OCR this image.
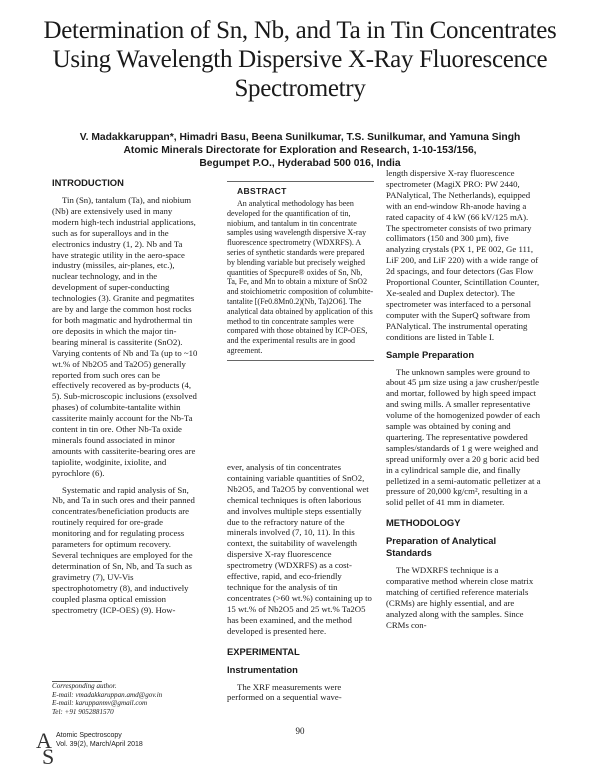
Determination of Sn, Nb, and Ta in Tin Concentrates
Using Wavelength Dispersive X-Ray Fluorescence
Spectrometry
V. Madakkaruppan*, Himadri Basu, Beena Sunilkumar, T.S. Sunilkumar, and Yamuna Singh
Atomic Minerals Directorate for Exploration and Research, 1-10-153/156,
Begumpet P.O., Hyderabad 500 016, India
INTRODUCTION

Tin (Sn), tantalum (Ta), and niobium (Nb) are extensively used in many modern high-tech industrial applications, such as for superalloys and in the electronics industry (1, 2). Nb and Ta have strategic utility in the aero-space industry (missiles, air-planes, etc.), nuclear technology, and in the development of super-conducting technologies (3). Granite and pegmatites are by and large the common host rocks for both magmatic and hydrothermal tin ore deposits in which the major tin-bearing mineral is cassiterite (SnO2). Varying contents of Nb and Ta (up to ~10 wt.% of Nb2O5 and Ta2O5) generally reported from such ores can be effectively recovered as by-products (4, 5). Sub-microscopic inclusions (exsolved phases) of columbite-tantalite within cassiterite mainly account for the Nb-Ta content in tin ore. Other Nb-Ta oxide minerals found associated in minor amounts with cassiterite-bearing ores are tapiolite, wodginite, ixiolite, and pyrochlore (6).

Systematic and rapid analysis of Sn, Nb, and Ta in such ores and their panned concentrates/beneficiation products are routinely required for ore-grade monitoring and for regulating process parameters for optimum recovery. Several techniques are employed for the determination of Sn, Nb, and Ta such as gravimetry (7), UV-Vis spectrophotometry (8), and inductively coupled plasma optical emission spectrometry (ICP-OES) (9). How-

ABSTRACT

An analytical methodology has been developed for the quantification of tin, niobium, and tantalum in tin concentrate samples using wavelength dispersive X-ray fluorescence spectrometry (WDXRFS). A series of synthetic standards were prepared by blending variable but precisely weighed quantities of Specpure® oxides of Sn, Nb, Ta, Fe, and Mn to obtain a mixture of SnO2 and stoichiometric composition of columbite-tantalite [(Fe0.8Mn0.2)(Nb, Ta)2O6]. The analytical data obtained by application of this method to tin concentrate samples were compared with those obtained by ICP-OES, and the experimental results are in good agreement.

ever, analysis of tin concentrates containing variable quantities of SnO2, Nb2O5, and Ta2O5 by conventional wet chemical techniques is often laborious and involves multiple steps essentially due to the refractory nature of the minerals involved (7, 10, 11). In this context, the suitability of wavelength dispersive X-ray fluorescence spectrometry (WDXRFS) as a cost-effective, rapid, and eco-friendly technique for the analysis of tin concentrates (>60 wt.%) containing up to 15 wt.% of Nb2O5 and 25 wt.% Ta2O5 has been examined, and the method developed is presented here.

EXPERIMENTAL
Instrumentation

The XRF measurements were performed on a sequential wave-

length dispersive X-ray fluorescence spectrometer (MagiX PRO: PW 2440, PANalytical, The Netherlands), equipped with an end-window Rh-anode having a rated capacity of 4 kW (66 kV/125 mA). The spectrometer consists of two primary collimators (150 and 300 µm), five analyzing crystals (PX 1, PE 002, Ge 111, LiF 200, and LiF 220) with a wide range of 2d spacings, and four detectors (Gas Flow Proportional Counter, Scintillation Counter, Xe-sealed and Duplex detector). The spectrometer was interfaced to a personal computer with the SuperQ software from PANalytical. The instrumental operating conditions are listed in Table I.

Sample Preparation

The unknown samples were ground to about 45 µm size using a jaw crusher/pestle and mortar, followed by high speed impact and swing mills. A smaller representative volume of the homogenized powder of each sample was obtained by coning and quartering. The representative powdered samples/standards of 1 g were weighed and spread uniformly over a 20 g boric acid bed in a cylindrical sample die, and finally pelletized in a semi-automatic pelletizer at a pressure of 20,000 kg/cm², resulting in a solid pellet of 41 mm in diameter.

METHODOLOGY
Preparation of Analytical Standards

The WDXRFS technique is a comparative method wherein close matrix matching of certified reference materials (CRMs) are highly essential, and are analyzed along with the samples. Since CRMs con-

Corresponding author.
E-mail: vmadakkaruppan.amd@gov.in
E-mail: karuppanmv@gmail.com
Tel: +91 9052881570
A
S
Atomic Spectroscopy
Vol. 39(2), March/April 2018
90
